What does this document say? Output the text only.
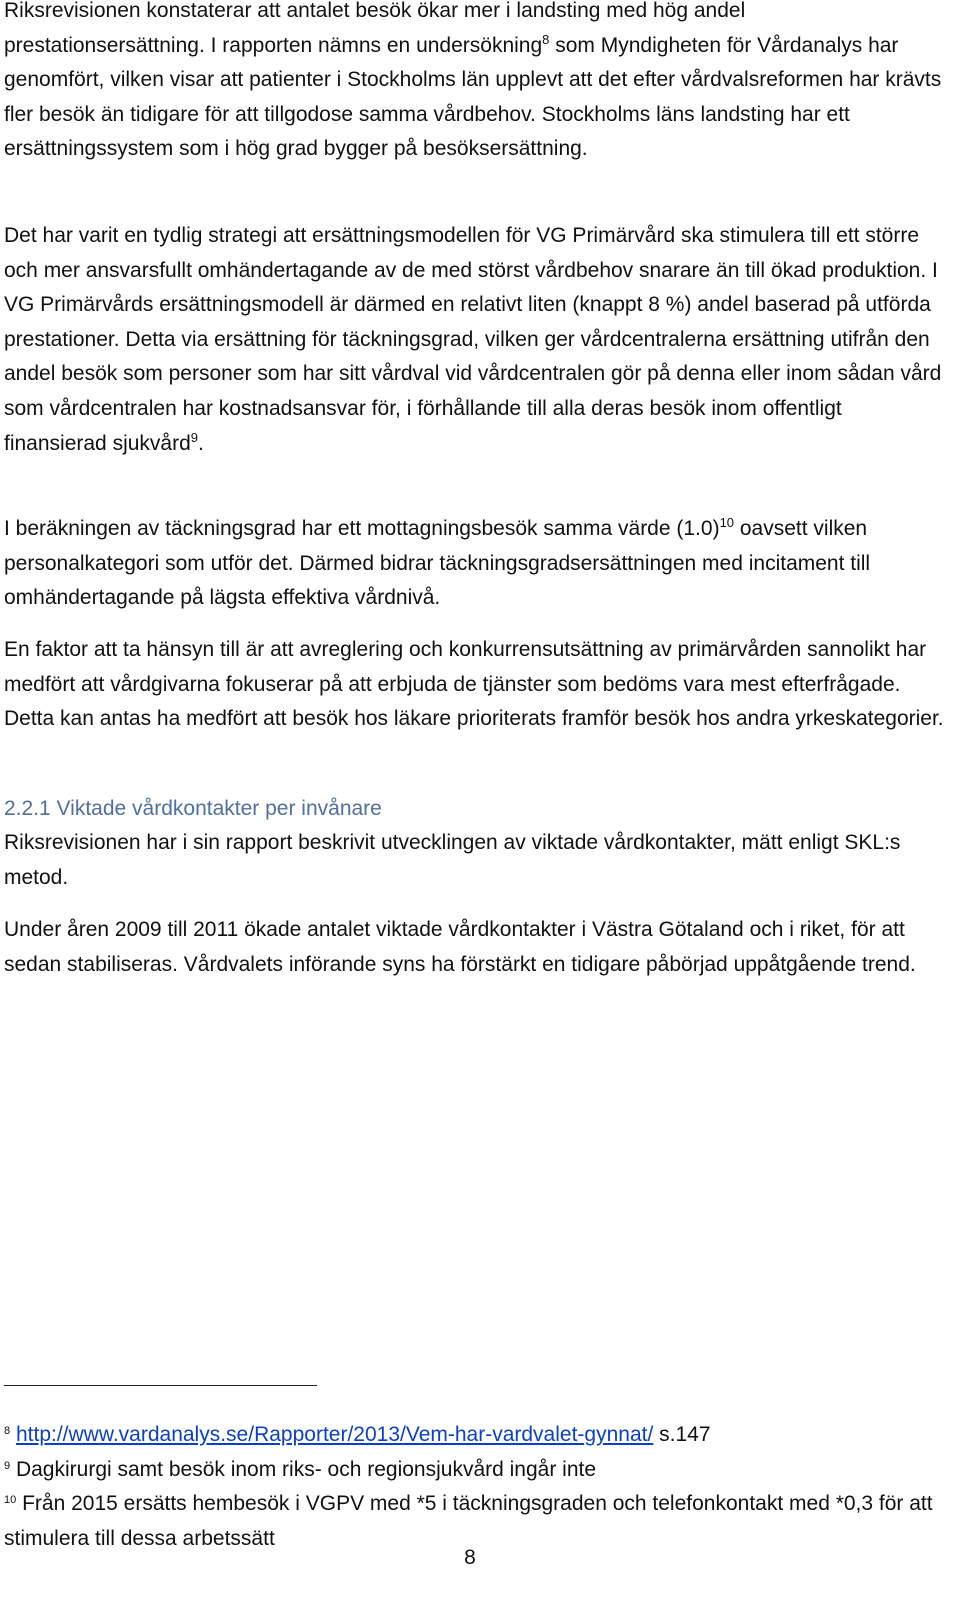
Riksrevisionen konstaterar att antalet besök ökar mer i landsting med hög andel prestationsersättning. I rapporten nämns en undersökning$^8$ som Myndigheten för Vårdanalys har genomfört, vilken visar att patienter i Stockholms län upplevt att det efter vårdvalsreformen har krävts fler besök än tidigare för att tillgodose samma vårdbehov. Stockholms läns landsting har ett ersättningssystem som i hög grad bygger på besöksersättning.

Det har varit en tydlig strategi att ersättningsmodellen för VG Primärvård ska stimulera till ett större och mer ansvarsfullt omhändertagande av de med störst vårdbehov snarare än till ökad produktion. I VG Primärvårds ersättningsmodell är därmed en relativt liten (knappt 8 %) andel baserad på utförda prestationer. Detta via ersättning för täckningsgrad, vilken ger vårdcentralerna ersättning utifrån den andel besök som personer som har sitt vårdval vid vårdcentralen gör på denna eller inom sådan vård som vårdcentralen har kostnadsansvar för, i förhållande till alla deras besök inom offentligt finansierad sjukvård$^9$.

I beräkningen av täckningsgrad har ett mottagningsbesök samma värde $(1.0)^{10}$ oavsett vilken personalkategori som utför det. Därmed bidrar täckningsgradsersättningen med incitament till omhändertagande på lägsta effektiva vårdnivå.

En faktor att ta hänsyn till är att avreglering och konkurrensutsättning av primärvården sannolikt har medfört att vårdgivarna fokuserar på att erbjuda de tjänster som bedöms vara mest efterfrågade. Detta kan antas ha medfört att besök hos läkare prioriterats framför besök hos andra yrkeskategorier.

2.2.1 Viktade vårdkontakter per invånare

Riksrevisionen har i sin rapport beskrivit utvecklingen av viktade vårdkontakter, mätt enligt SKL:s metod.

Under åren 2009 till 2011 ökade antalet viktade vårdkontakter i Västra Götaland och i riket, för att sedan stabiliseras. Vårdvalets införande syns ha förstärkt en tidigare påbörjad uppåtgående trend.

$^8$ http://www.vardanalys.se/Rapporter/2013/Vem-har-vardvalet-gynnat/ s.147

$^9$ Dagkirurgi samt besök inom riks- och regionsjukvård ingår inte

$^{10}$ Från 2015 ersätts hembesök i VGPV med *5 i täckningsgraden och telefonkontakt med *0,3 för att stimulera till dessa arbetssätt

8
